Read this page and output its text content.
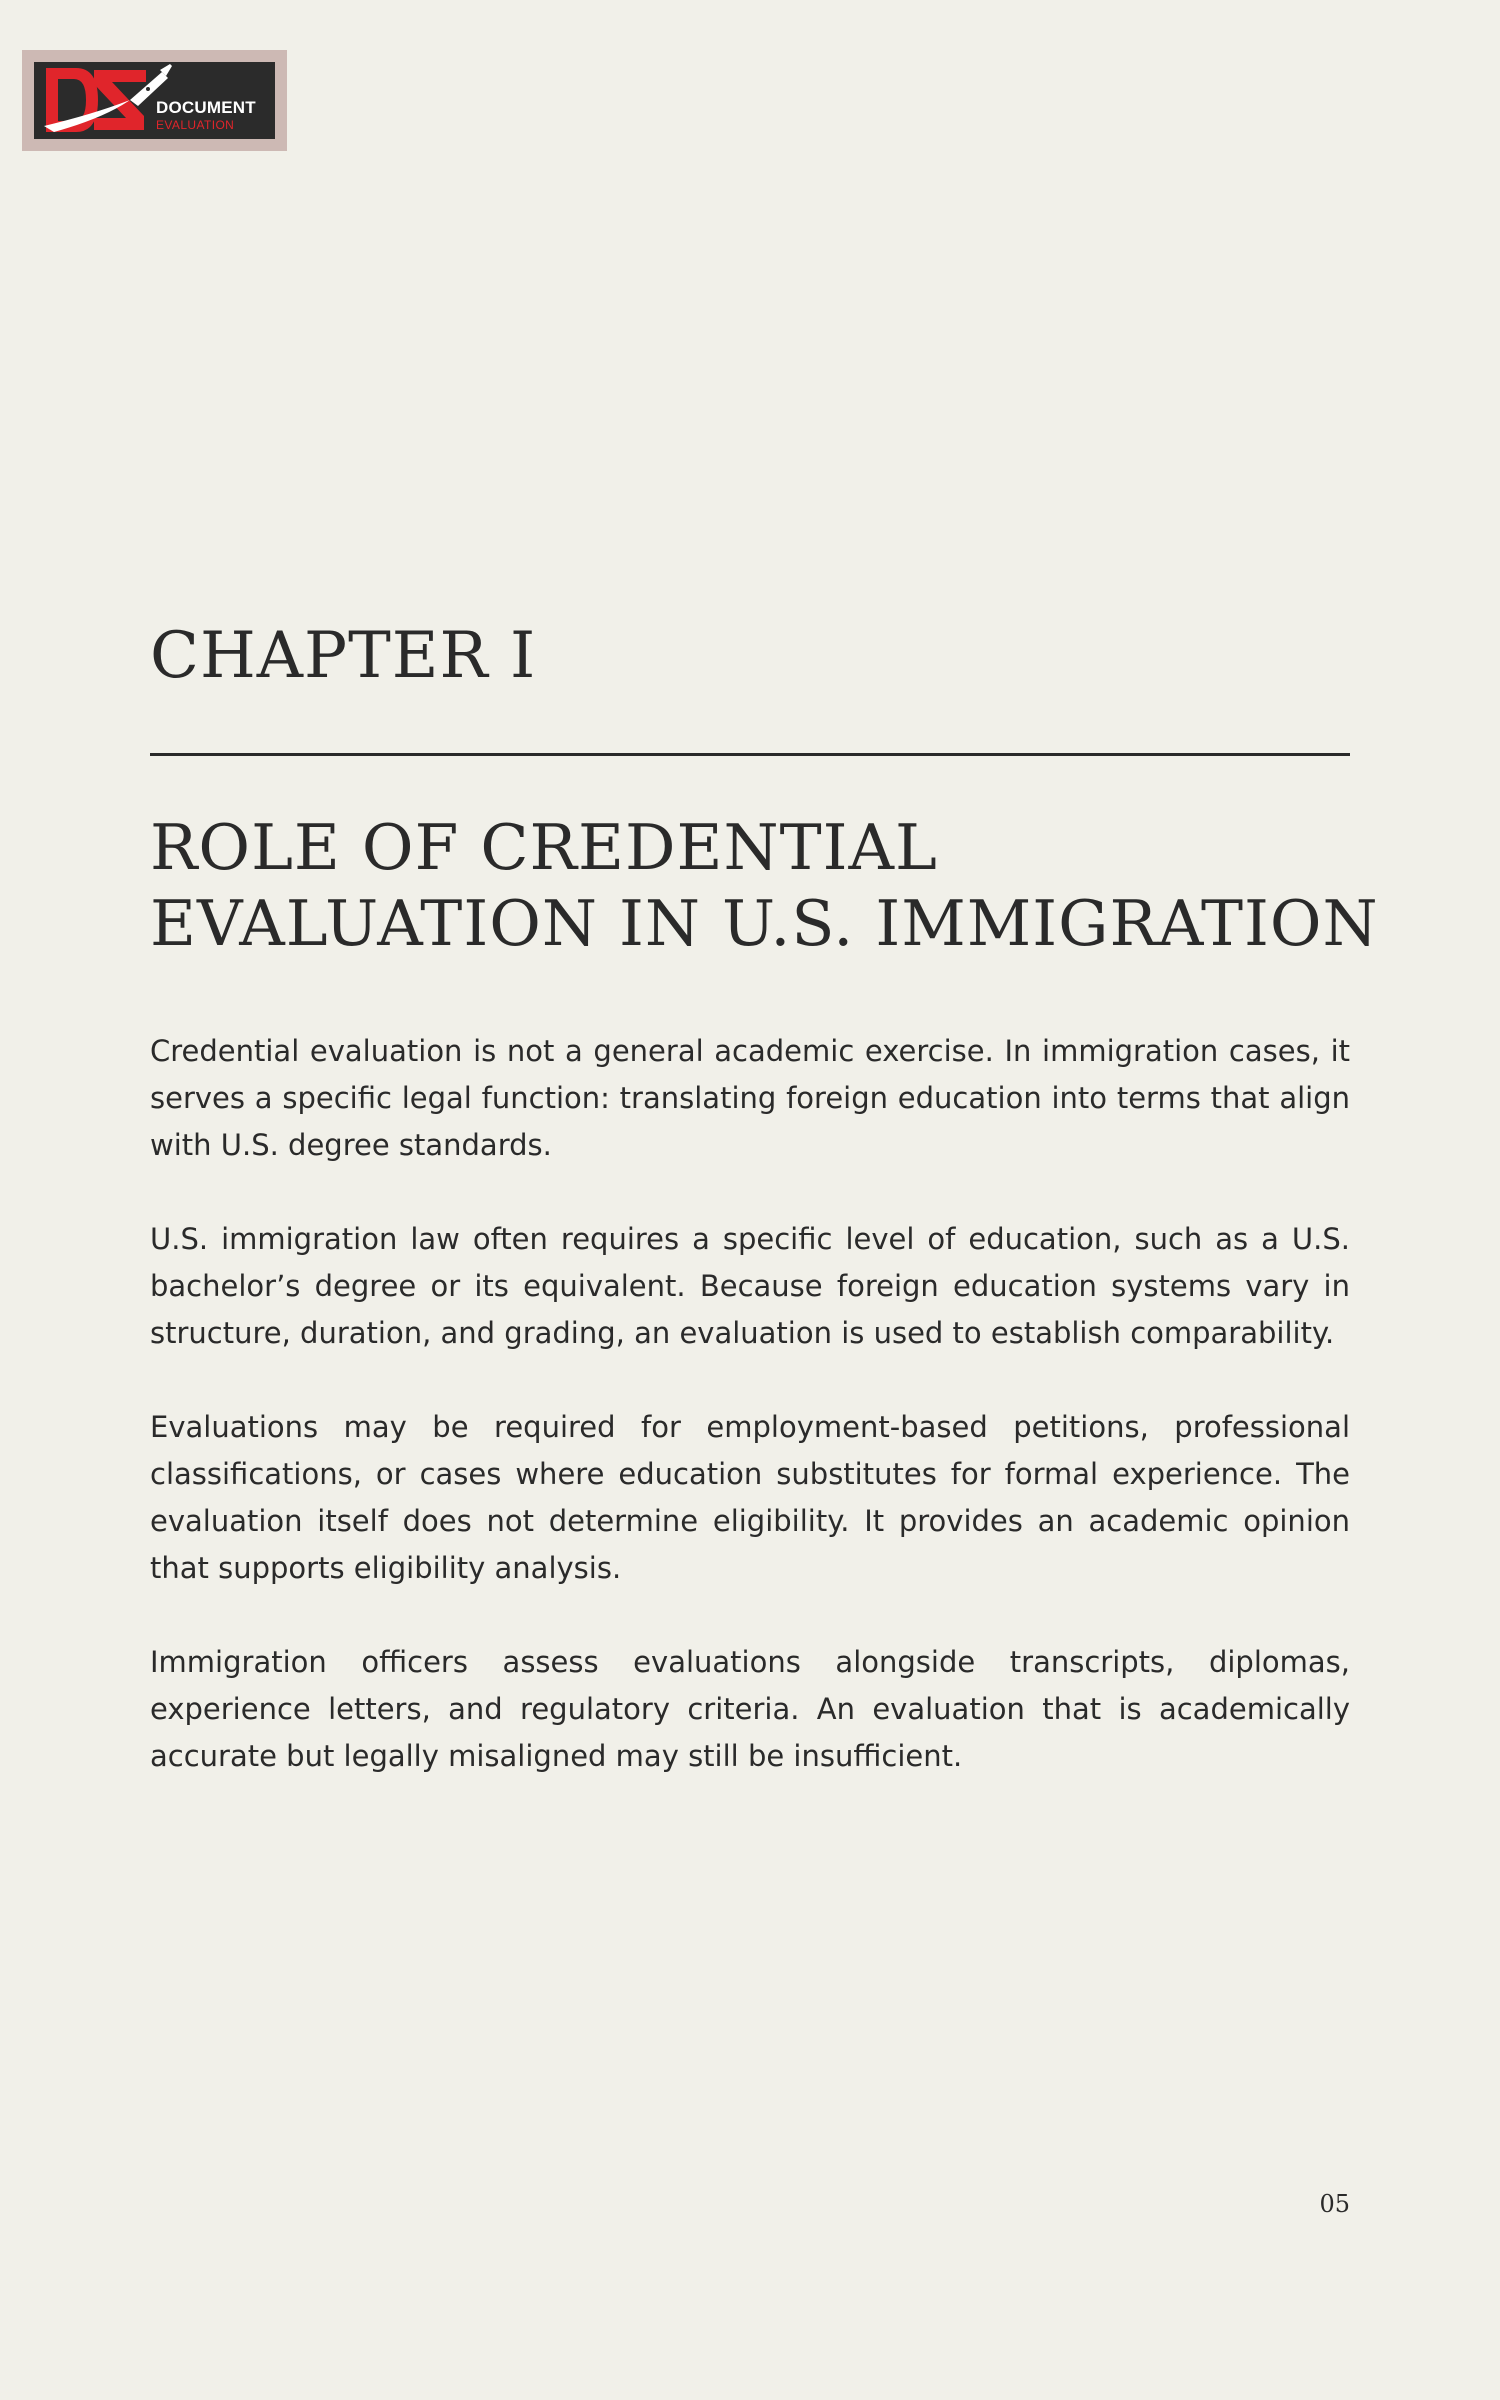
DOCUMENT
EVALUATION
CHAPTER I
ROLE OF CREDENTIAL
EVALUATION IN U.S. IMMIGRATION

Credential evaluation is not a general academic exercise. In immigration cases, it serves a specific legal function: translating foreign education into terms that align with U.S. degree standards.

U.S. immigration law often requires a specific level of education, such as a U.S. bachelor’s degree or its equivalent. Because foreign education systems vary in structure, duration, and grading, an evaluation is used to establish comparability.

Evaluations may be required for employment-based petitions, professional classifications, or cases where education substitutes for formal experience. The evaluation itself does not determine eligibility. It provides an academic opinion that supports eligibility analysis.

Immigration officers assess evaluations alongside transcripts, diplomas, experience letters, and regulatory criteria. An evaluation that is academically accurate but legally misaligned may still be insufficient.

05
